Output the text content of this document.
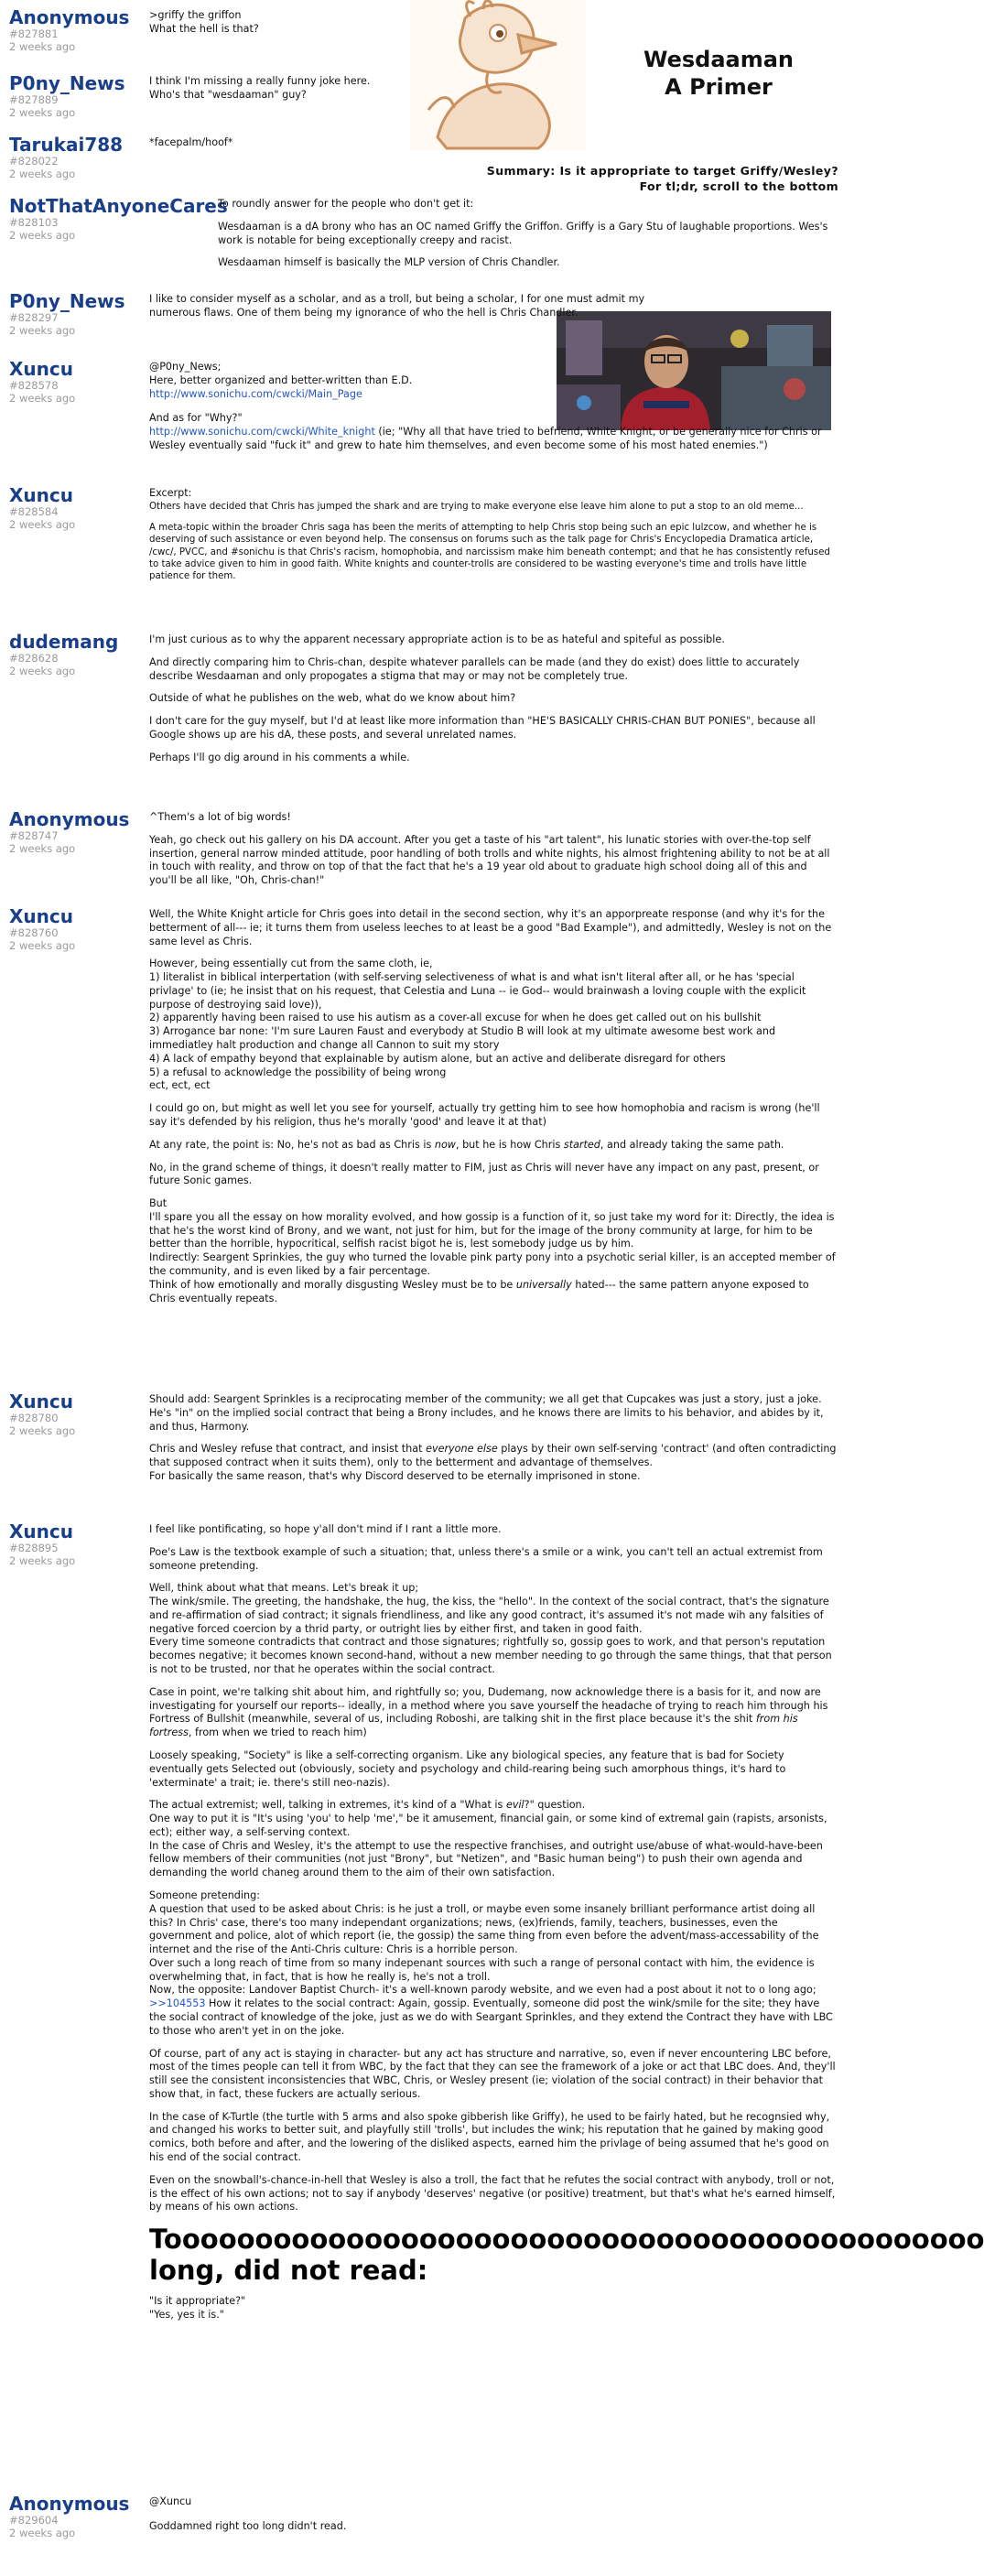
Wesdaaman
A Primer
Summary: Is it appropriate to target Griffy/Wesley?
For tl;dr, scroll to the bottom
Anonymous
#827881
2 weeks ago
>griffy the griffon
What the hell is that?
P0ny_News
#827889
2 weeks ago
I think I'm missing a really funny joke here.
Who's that "wesdaaman" guy?
Tarukai788
#828022
2 weeks ago
*facepalm/hoof*
NotThatAnyoneCares
#828103
2 weeks ago

To roundly answer for the people who don't get it:

Wesdaaman is a dA brony who has an OC named Griffy the Griffon. Griffy is a Gary Stu of laughable proportions. Wes's work is notable for being exceptionally creepy and racist.

Wesdaaman himself is basically the MLP version of Chris Chandler.

P0ny_News
#828297
2 weeks ago

I like to consider myself as a scholar, and as a troll, but being a scholar, I for one must admit my numerous flaws. One of them being my ignorance of who the hell is Chris Chandler.

Xuncu
#828578
2 weeks ago
@P0ny_News;
Here, better organized and better-written than E.D.
http://www.sonichu.com/cwcki/Main_Page
And as for "Why?"
http://www.sonichu.com/cwcki/White_knight (ie; "Why all that have tried to befriend, White Knight, or be generally nice for Chris or Wesley eventually said "fuck it" and grew to hate him themselves, and even become some of his most hated enemies.")
Xuncu
#828584
2 weeks ago
Excerpt:

Others have decided that Chris has jumped the shark and are trying to make everyone else leave him alone to put a stop to an old meme...

A meta-topic within the broader Chris saga has been the merits of attempting to help Chris stop being such an epic lulzcow, and whether he is deserving of such assistance or even beyond help. The consensus on forums such as the talk page for Chris's Encyclopedia Dramatica article, /cwc/, PVCC, and #sonichu is that Chris's racism, homophobia, and narcissism make him beneath contempt; and that he has consistently refused to take advice given to him in good faith. White knights and counter-trolls are considered to be wasting everyone's time and trolls have little patience for them.

dudemang
#828628
2 weeks ago

I'm just curious as to why the apparent necessary appropriate action is to be as hateful and spiteful as possible.

And directly comparing him to Chris-chan, despite whatever parallels can be made (and they do exist) does little to accurately describe Wesdaaman and only propogates a stigma that may or may not be completely true.

Outside of what he publishes on the web, what do we know about him?

I don't care for the guy myself, but I'd at least like more information than "HE'S BASICALLY CHRIS-CHAN BUT PONIES", because all Google shows up are his dA, these posts, and several unrelated names.

Perhaps I'll go dig around in his comments a while.

Anonymous
#828747
2 weeks ago

^Them's a lot of big words!

Yeah, go check out his gallery on his DA account. After you get a taste of his "art talent", his lunatic stories with over-the-top self insertion, general narrow minded attitude, poor handling of both trolls and white nights, his almost frightening ability to not be at all in touch with reality, and throw on top of that the fact that he's a 19 year old about to graduate high school doing all of this and you'll be all like, "Oh, Chris-chan!"

Xuncu
#828760
2 weeks ago

Well, the White Knight article for Chris goes into detail in the second section, why it's an apporpreate response (and why it's for the betterment of all--- ie; it turns them from useless leeches to at least be a good "Bad Example"), and admittedly, Wesley is not on the same level as Chris.

However, being essentially cut from the same cloth, ie,
1) literalist in biblical interpertation (with self-serving selectiveness of what is and what isn't literal after all, or he has 'special privlage' to (ie; he insist that on his request, that Celestia and Luna -- ie God-- would brainwash a loving couple with the explicit purpose of destroying said love)),
2) apparently having been raised to use his autism as a cover-all excuse for when he does get called out on his bullshit
3) Arrogance bar none: 'I'm sure Lauren Faust and everybody at Studio B will look at my ultimate awesome best work and immediatley halt production and change all Cannon to suit my story
4) A lack of empathy beyond that explainable by autism alone, but an active and deliberate disregard for others
5) a refusal to acknowledge the possibility of being wrong
ect, ect, ect

I could go on, but might as well let you see for yourself, actually try getting him to see how homophobia and racism is wrong (he'll say it's defended by his religion, thus he's morally 'good' and leave it at that)

At any rate, the point is: No, he's not as bad as Chris is now, but he is how Chris started, and already taking the same path.

No, in the grand scheme of things, it doesn't really matter to FIM, just as Chris will never have any impact on any past, present, or future Sonic games.

But
I'll spare you all the essay on how morality evolved, and how gossip is a function of it, so just take my word for it: Directly, the idea is that he's the worst kind of Brony, and we want, not just for him, but for the image of the brony community at large, for him to be better than the horrible, hypocritical, selfish racist bigot he is, lest somebody judge us by him.
Indirectly: Seargent Sprinkies, the guy who turned the lovable pink party pony into a psychotic serial killer, is an accepted member of the community, and is even liked by a fair percentage.
Think of how emotionally and morally disgusting Wesley must be to be universally hated--- the same pattern anyone exposed to Chris eventually repeats.
Xuncu
#828780
2 weeks ago

Should add: Seargent Sprinkles is a reciprocating member of the community; we all get that Cupcakes was just a story, just a joke. He's "in" on the implied social contract that being a Brony includes, and he knows there are limits to his behavior, and abides by it, and thus, Harmony.

Chris and Wesley refuse that contract, and insist that everyone else plays by their own self-serving 'contract' (and often contradicting that supposed contract when it suits them), only to the betterment and advantage of themselves.
For basically the same reason, that's why Discord deserved to be eternally imprisoned in stone.
Xuncu
#828895
2 weeks ago

I feel like pontificating, so hope y'all don't mind if I rant a little more.

Poe's Law is the textbook example of such a situation; that, unless there's a smile or a wink, you can't tell an actual extremist from someone pretending.

Well, think about what that means. Let's break it up;
The wink/smile. The greeting, the handshake, the hug, the kiss, the "hello". In the context of the social contract, that's the signature and re-affirmation of siad contract; it signals friendliness, and like any good contract, it's assumed it's not made wih any falsities of negative forced coercion by a thrid party, or outright lies by either first, and taken in good faith.

Every time someone contradicts that contract and those signatures; rightfully so, gossip goes to work, and that person's reputation becomes negative; it becomes known second-hand, without a new member needing to go through the same things, that that person is not to be trusted, nor that he operates within the social contract.

Case in point, we're talking shit about him, and rightfully so; you, Dudemang, now acknowledge there is a basis for it, and now are investigating for yourself our reports-- ideally, in a method where you save yourself the headache of trying to reach him through his Fortress of Bullshit (meanwhile, several of us, including Roboshi, are talking shit in the first place because it's the shit from his fortress, from when we tried to reach him)

Loosely speaking, "Society" is like a self-correcting organism. Like any biological species, any feature that is bad for Society eventually gets Selected out (obviously, society and psychology and child-rearing being such amorphous things, it's hard to 'exterminate' a trait; ie. there's still neo-nazis).

The actual extremist; well, talking in extremes, it's kind of a "What is evil?" question.
One way to put it is "It's using 'you' to help 'me'," be it amusement, financial gain, or some kind of extremal gain (rapists, arsonists, ect); either way, a self-serving context.

In the case of Chris and Wesley, it's the attempt to use the respective franchises, and outright use/abuse of what-would-have-been fellow members of their communities (not just "Brony", but "Netizen", and "Basic human being") to push their own agenda and demanding the world chaneg around them to the aim of their own satisfaction.

Someone pretending:
A question that used to be asked about Chris: is he just a troll, or maybe even some insanely brilliant performance artist doing all this? In Chris' case, there's too many independant organizations; news, (ex)friends, family, teachers, businesses, even the government and police, alot of which report (ie, the gossip) the same thing from even before the advent/mass-accessability of the internet and the rise of the Anti-Chris culture: Chris is a horrible person.
Over such a long reach of time from so many indepenant sources with such a range of personal contact with him, the evidence is overwhelming that, in fact, that is how he really is, he's not a troll.

Now, the opposite: Landover Baptist Church- it's a well-known parody website, and we even had a post about it not to o long ago; >>104553 How it relates to the social contract: Again, gossip. Eventually, someone did post the wink/smile for the site; they have the social contract of knowledge of the joke, just as we do with Seargant Sprinkles, and they extend the Contract they have with LBC to those who aren't yet in on the joke.

Of course, part of any act is staying in character- but any act has structure and narrative, so, even if never encountering LBC before, most of the times people can tell it from WBC, by the fact that they can see the framework of a joke or act that LBC does. And, they'll still see the consistent inconsistencies that WBC, Chris, or Wesley present (ie; violation of the social contract) in their behavior that show that, in fact, these fuckers are actually serious.

In the case of K-Turtle (the turtle with 5 arms and also spoke gibberish like Griffy), he used to be fairly hated, but he recognsied why, and changed his works to better suit, and playfully still 'trolls', but includes the wink; his reputation that he gained by making good comics, both before and after, and the lowering of the disliked aspects, earned him the privlage of being assumed that he's good on his end of the social contract.

Even on the snowball's-chance-in-hell that Wesley is also a troll, the fact that he refutes the social contract with anybody, troll or not, is the effect of his own actions; not to say if anybody 'deserves' negative (or positive) treatment, but that's what he's earned himself, by means of his own actions.

Tooooooooooooooooooooooooooooooooooooooooooooo
long, did not read:
"Is it appropriate?"
"Yes, yes it is."
Anonymous
#829604
2 weeks ago
@Xuncu
Goddamned right too long didn't read.
